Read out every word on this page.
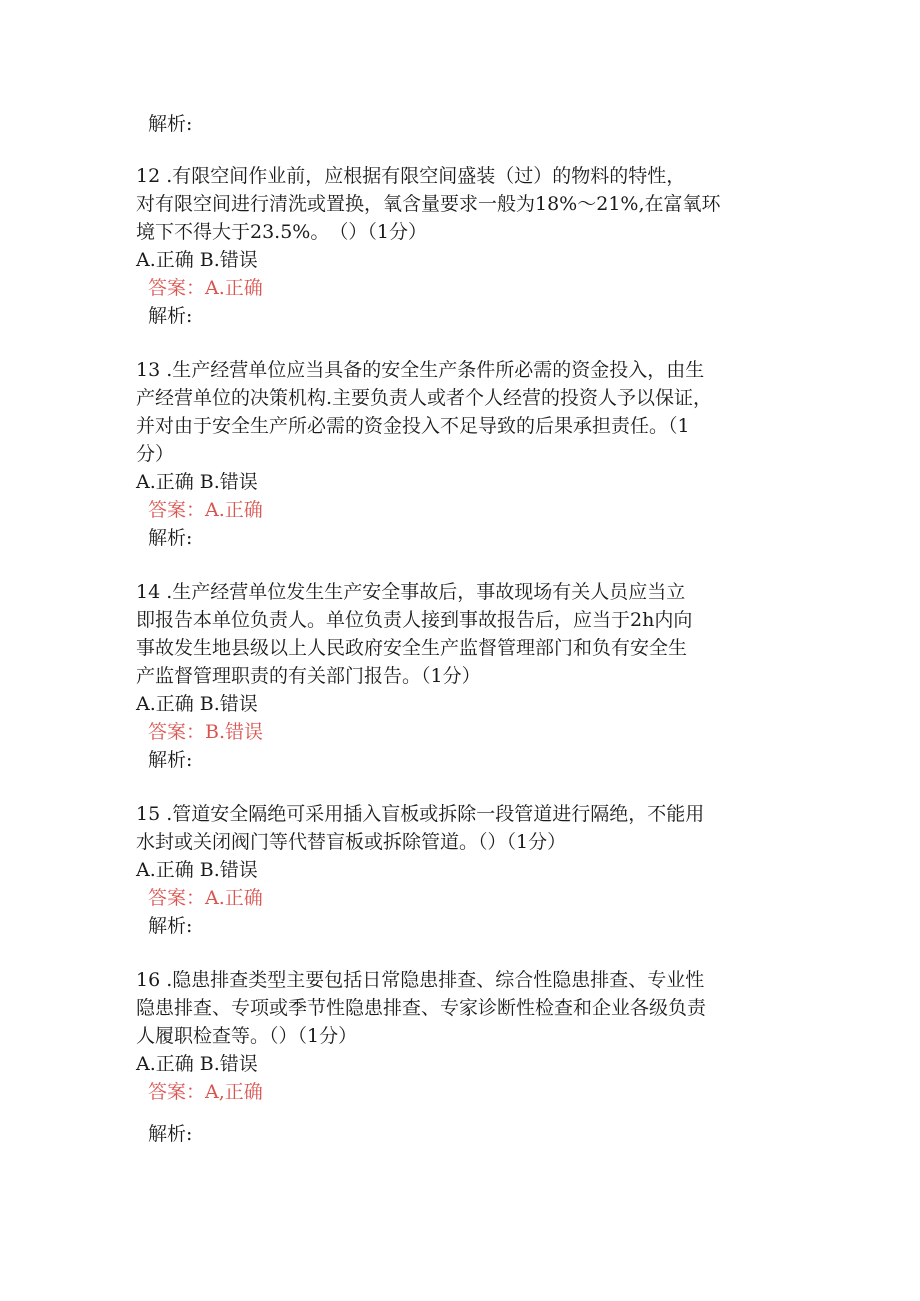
解析:
12 .有限空间作业前，应根据有限空间盛装（过）的物料的特性，
对有限空间进行清洗或置换，氧含量要求一般为18%～21%,在富氧环
境下不得大于23.5%。　（）（1分）
A.正确 B.错误
答案：A.正确
解析:
13 .生产经营单位应当具备的安全生产条件所必需的资金投入，由生
产经营单位的决策机构.主要负责人或者个人经营的投资人予以保证，
并对由于安全生产所必需的资金投入不足导致的后果承担责任。（1
分）
A.正确 B.错误
答案：A.正确
解析:
14 .生产经营单位发生生产安全事故后，事故现场有关人员应当立
即报告本单位负责人。单位负责人接到事故报告后，应当于2h内向
事故发生地县级以上人民政府安全生产监督管理部门和负有安全生
产监督管理职责的有关部门报告。（1分）
A.正确 B.错误
答案：B.错误
解析:
15 .管道安全隔绝可采用插入盲板或拆除一段管道进行隔绝，不能用
水封或关闭阀门等代替盲板或拆除管道。（）（1分）
A.正确 B.错误
答案：A.正确
解析:
16 .隐患排查类型主要包括日常隐患排查、综合性隐患排查、专业性
隐患排查、专项或季节性隐患排查、专家诊断性检查和企业各级负责
人履职检查等。（）（1分）
A.正确 B.错误
答案：A,正确
解析:
